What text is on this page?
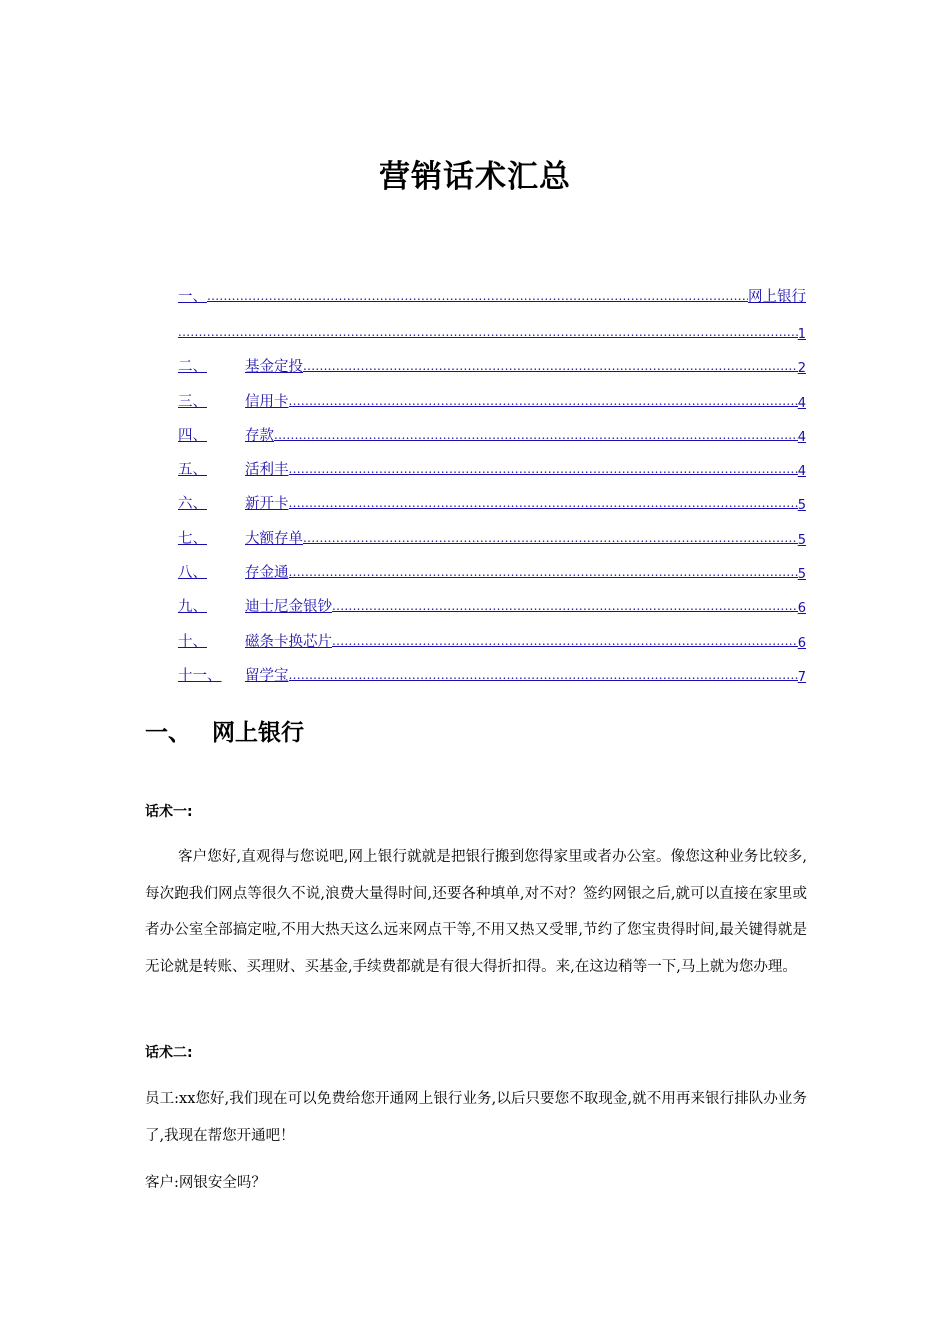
营销话术汇总
一、 .....	网上银行
.....
1
二、	基金定投 .....	2
三、	信用卡 .....	4
四、	存款 .....	4
五、	活利丰 .....	4
六、	新开卡 .....	5
七、	大额存单 .....	5
八、	存金通 .....	5
九、	迪士尼金银钞 .....	6
十、	磁条卡换芯片 .....	6
十一、	留学宝 .....	7
一、 网上银行
话术一:
客户您好,直观得与您说吧,网上银行就就是把银行搬到您得家里或者办公室。像您这种业务比较多,每次跑我们网点等很久不说,浪费大量得时间,还要各种填单,对不对？签约网银之后,就可以直接在家里或者办公室全部搞定啦,不用大热天这么远来网点干等,不用又热又受罪,节约了您宝贵得时间,最关键得就是无论就是转账、买理财、买基金,手续费都就是有很大得折扣得。来,在这边稍等一下,马上就为您办理。
话术二:
员工:xx您好,我们现在可以免费给您开通网上银行业务,以后只要您不取现金,就不用再来银行排队办业务了,我现在帮您开通吧！
客户:网银安全吗？
